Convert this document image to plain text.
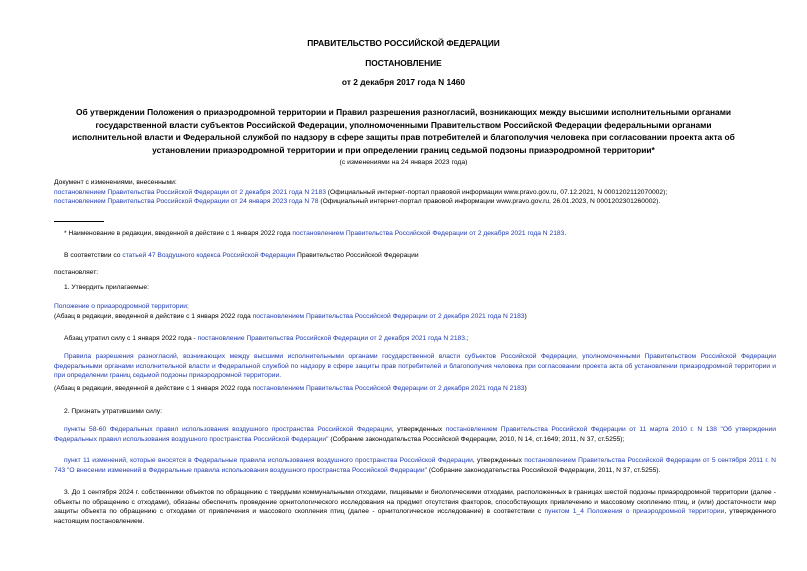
ПРАВИТЕЛЬСТВО РОССИЙСКОЙ ФЕДЕРАЦИИ
ПОСТАНОВЛЕНИЕ
от 2 декабря 2017 года N 1460
Об утверждении Положения о приаэродромной территории и Правил разрешения разногласий, возникающих между высшими исполнительными органами государственной власти субъектов Российской Федерации, уполномоченными Правительством Российской Федерации федеральными органами исполнительной власти и Федеральной службой по надзору в сфере защиты прав потребителей и благополучия человека при согласовании проекта акта об установлении приаэродромной территории и при определении границ седьмой подзоны приаэродромной территории*
(с изменениями на 24 января 2023 года)
Документ с изменениями, внесенными:
постановлением Правительства Российской Федерации от 2 декабря 2021 года N 2183 (Официальный интернет-портал правовой информации www.pravo.gov.ru, 07.12.2021, N 0001202112070002);
постановлением Правительства Российской Федерации от 24 января 2023 года N 78 (Официальный интернет-портал правовой информации www.pravo.gov.ru, 26.01.2023, N 0001202301260002).
* Наименование в редакции, введенной в действие с 1 января 2022 года постановлением Правительства Российской Федерации от 2 декабря 2021 года N 2183.
В соответствии со статьей 47 Воздушного кодекса Российской Федерации Правительство Российской Федерации
постановляет:
1. Утвердить прилагаемые:
Положение о приаэродромной территории;
(Абзац в редакции, введенной в действие с 1 января 2022 года постановлением Правительства Российской Федерации от 2 декабря 2021 года N 2183)
Абзац утратил силу с 1 января 2022 года - постановление Правительства Российской Федерации от 2 декабря 2021 года N 2183.;
Правила разрешения разногласий, возникающих между высшими исполнительными органами государственной власти субъектов Российской Федерации, уполномоченными Правительством Российской Федерации федеральными органами исполнительной власти и Федеральной службой по надзору в сфере защиты прав потребителей и благополучия человека при согласовании проекта акта об установлении приаэродромной территории и при определении границ седьмой подзоны приаэродромной территории.
(Абзац в редакции, введенной в действие с 1 января 2022 года постановлением Правительства Российской Федерации от 2 декабря 2021 года N 2183)
2. Признать утратившими силу:
пункты 58-60 Федеральных правил использования воздушного пространства Российской Федерации, утвержденных постановлением Правительства Российской Федерации от 11 марта 2010 г. N 138 "Об утверждении Федеральных правил использования воздушного пространства Российской Федерации" (Собрание законодательства Российской Федерации, 2010, N 14, ст.1649; 2011, N 37, ст.5255);
пункт 11 изменений, которые вносятся в Федеральные правила использования воздушного пространства Российской Федерации, утвержденных постановлением Правительства Российской Федерации от 5 сентября 2011 г. N 743 "О внесении изменений в Федеральные правила использования воздушного пространства Российской Федерации" (Собрание законодательства Российской Федерации, 2011, N 37, ст.5255).
3. До 1 сентября 2024 г. собственники объектов по обращению с твердыми коммунальными отходами, пищевыми и биологическими отходами, расположенных в границах шестой подзоны приаэродромной территории (далее - объекты по обращению с отходами), обязаны обеспечить проведение орнитологического исследования на предмет отсутствия факторов, способствующих привлечению и массовому скоплению птиц, и (или) достаточности мер защиты объекта по обращению с отходами от привлечения и массового скопления птиц (далее - орнитологическое исследование) в соответствии с пунктом 1_4 Положения о приаэродромной территории, утвержденного настоящим постановлением.
